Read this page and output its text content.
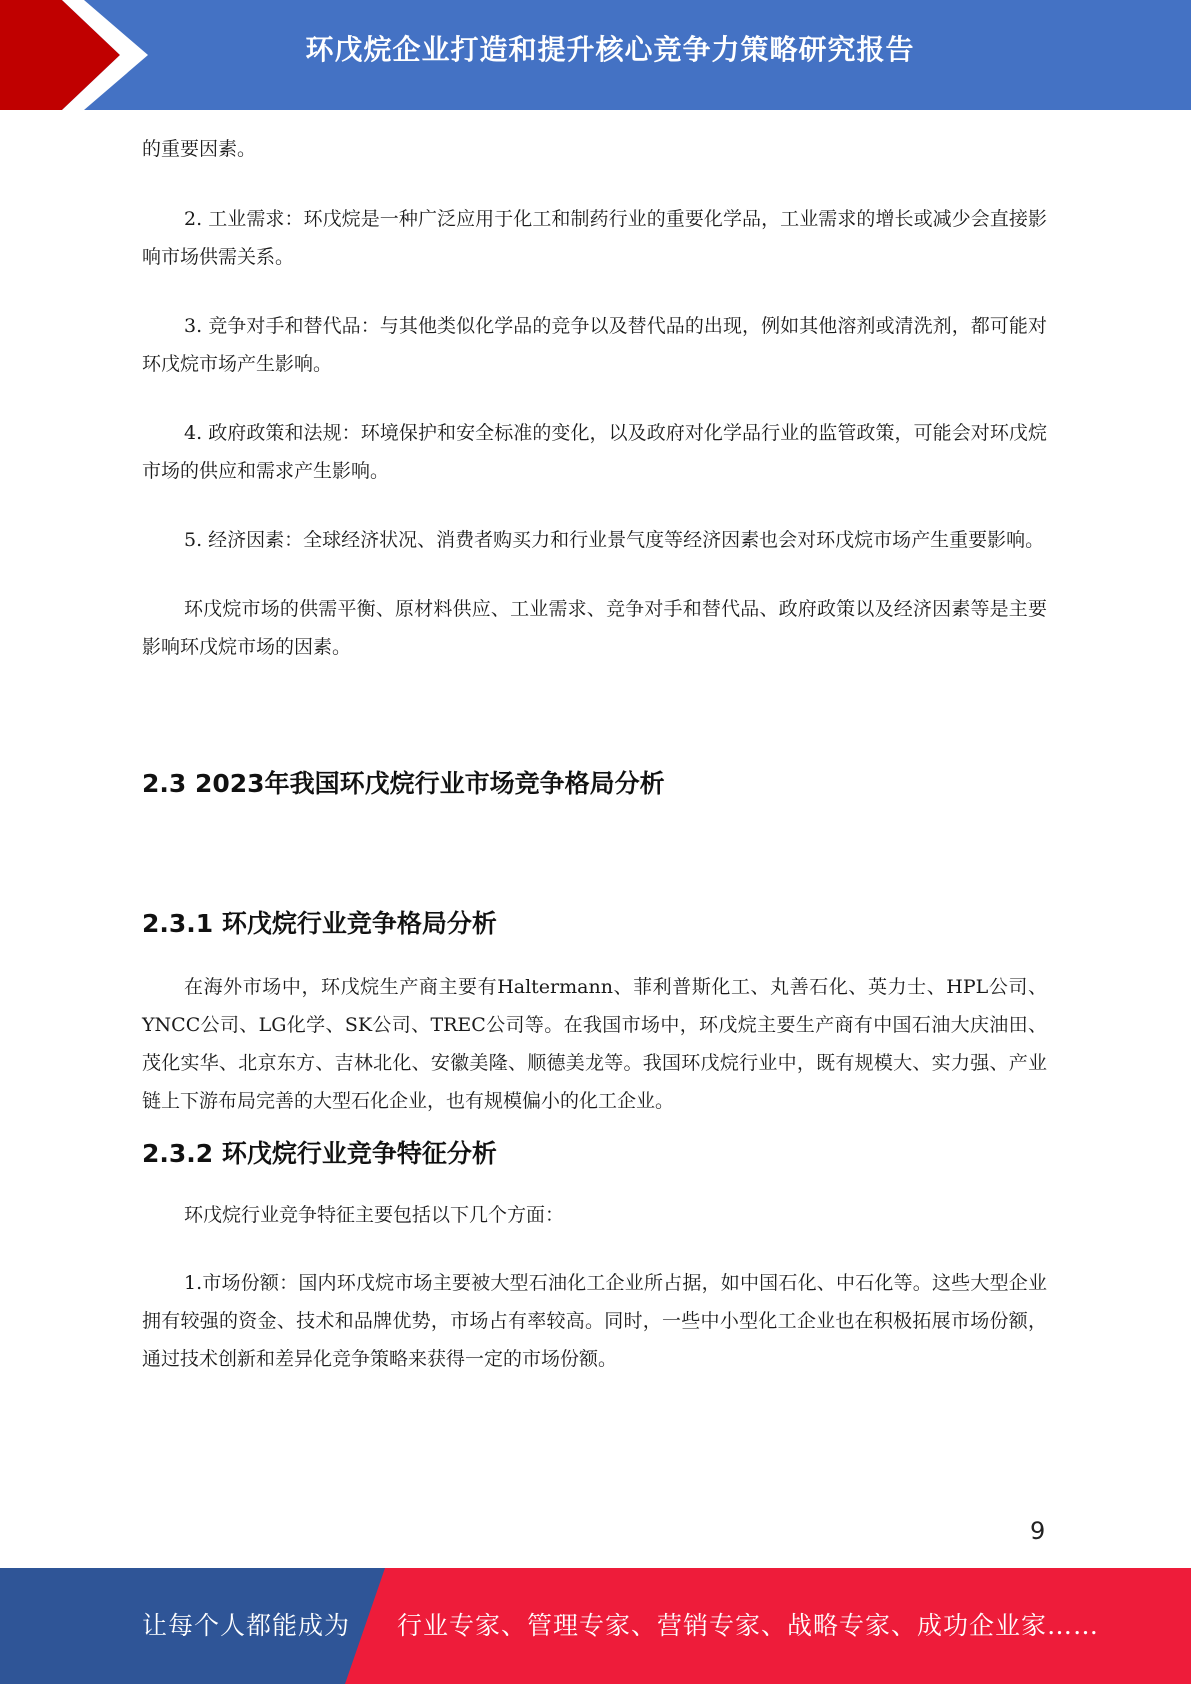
环戊烷企业打造和提升核心竞争力策略研究报告

的重要因素。

2. 工业需求：环戊烷是一种广泛应用于化工和制药行业的重要化学品，工业需求的增长或减少会直接影响市场供需关系。

3. 竞争对手和替代品：与其他类似化学品的竞争以及替代品的出现，例如其他溶剂或清洗剂，都可能对环戊烷市场产生影响。

4. 政府政策和法规：环境保护和安全标准的变化，以及政府对化学品行业的监管政策，可能会对环戊烷市场的供应和需求产生影响。

5. 经济因素：全球经济状况、消费者购买力和行业景气度等经济因素也会对环戊烷市场产生重要影响。

环戊烷市场的供需平衡、原材料供应、工业需求、竞争对手和替代品、政府政策以及经济因素等是主要影响环戊烷市场的因素。

2.3 2023年我国环戊烷行业市场竞争格局分析
2.3.1 环戊烷行业竞争格局分析

在海外市场中，环戊烷生产商主要有Haltermann、菲利普斯化工、丸善石化、英力士、HPL公司、YNCC公司、LG化学、SK公司、TREC公司等。在我国市场中，环戊烷主要生产商有中国石油大庆油田、茂化实华、北京东方、吉林北化、安徽美隆、顺德美龙等。我国环戊烷行业中，既有规模大、实力强、产业链上下游布局完善的大型石化企业，也有规模偏小的化工企业。

2.3.2 环戊烷行业竞争特征分析

环戊烷行业竞争特征主要包括以下几个方面：

1.市场份额：国内环戊烷市场主要被大型石油化工企业所占据，如中国石化、中石化等。这些大型企业拥有较强的资金、技术和品牌优势，市场占有率较高。同时，一些中小型化工企业也在积极拓展市场份额，通过技术创新和差异化竞争策略来获得一定的市场份额。

9
让每个人都能成为 行业专家、管理专家、营销专家、战略专家、成功企业家……
